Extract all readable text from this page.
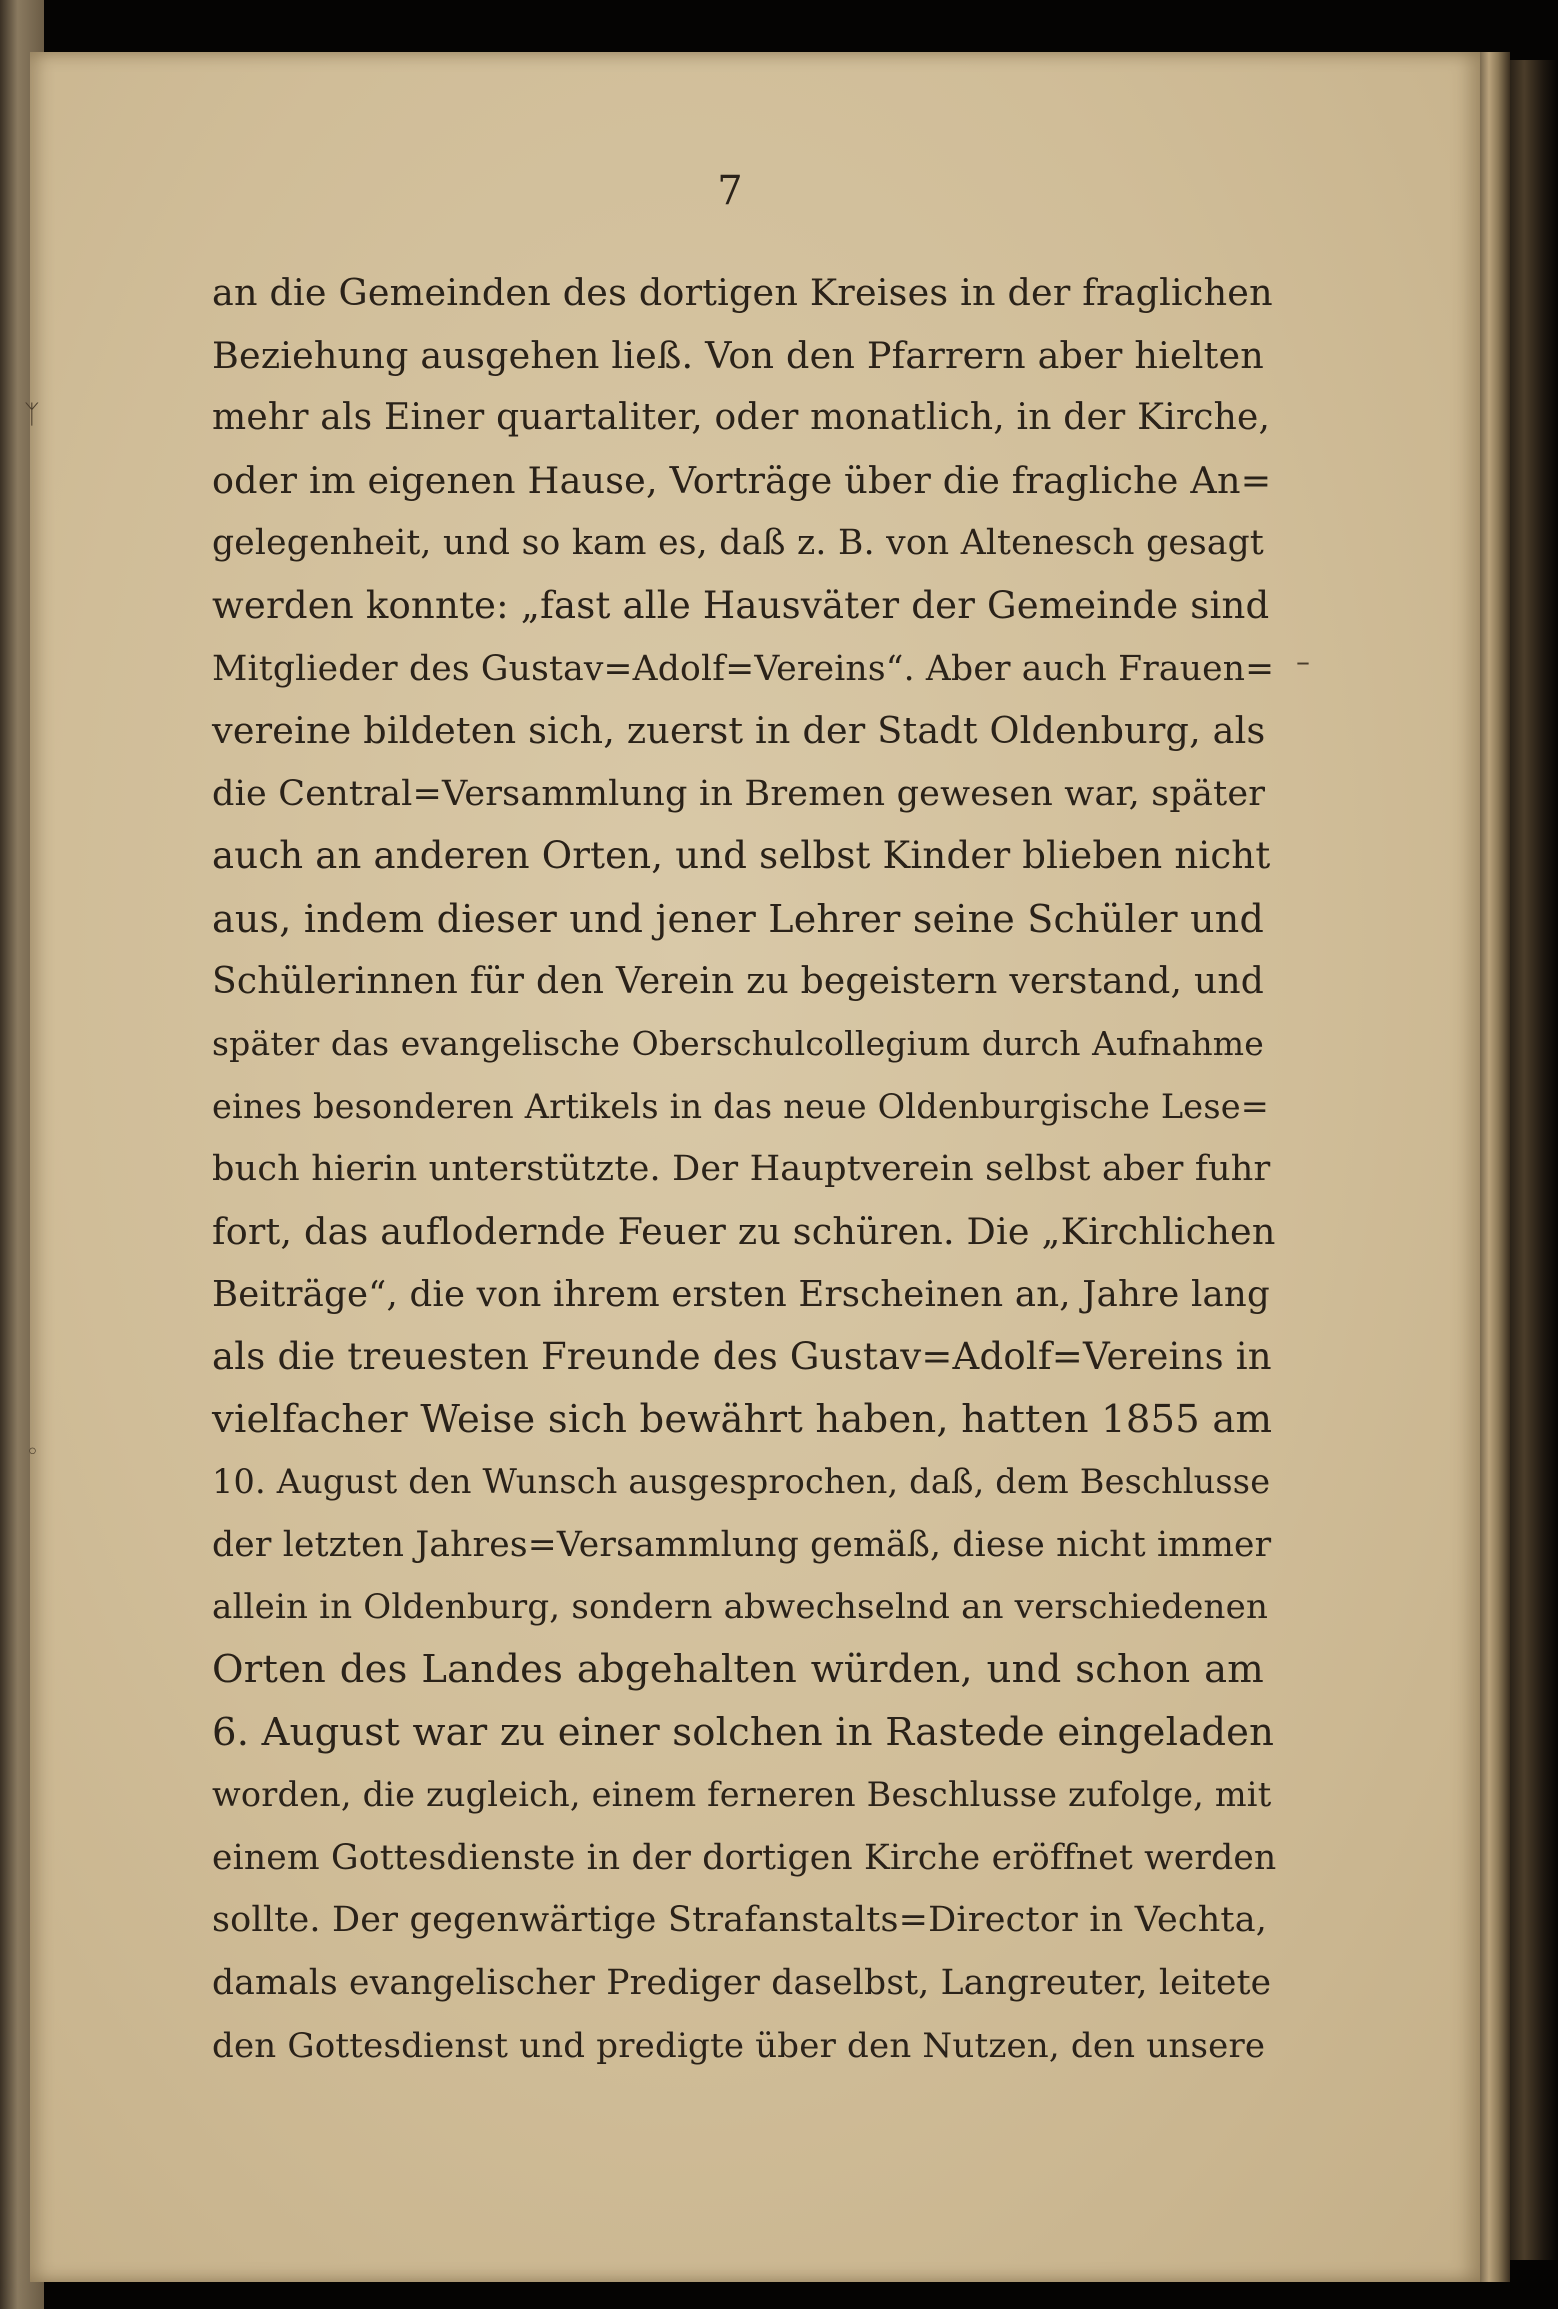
ᛉ
◦
–
7
an die Gemeinden des dortigen Kreises in der fraglichen
Beziehung ausgehen ließ. Von den Pfarrern aber hielten
mehr als Einer quartaliter, oder monatlich, in der Kirche,
oder im eigenen Hause, Vorträge über die fragliche An=
gelegenheit, und so kam es, daß z. B. von Altenesch gesagt
werden konnte: „fast alle Hausväter der Gemeinde sind
Mitglieder des Gustav=Adolf=Vereins“. Aber auch Frauen=
vereine bildeten sich, zuerst in der Stadt Oldenburg, als
die Central=Versammlung in Bremen gewesen war, später
auch an anderen Orten, und selbst Kinder blieben nicht
aus, indem dieser und jener Lehrer seine Schüler und
Schülerinnen für den Verein zu begeistern verstand, und
später das evangelische Oberschulcollegium durch Aufnahme
eines besonderen Artikels in das neue Oldenburgische Lese=
buch hierin unterstützte. Der Hauptverein selbst aber fuhr
fort, das auflodernde Feuer zu schüren. Die „Kirchlichen
Beiträge“, die von ihrem ersten Erscheinen an, Jahre lang
als die treuesten Freunde des Gustav=Adolf=Vereins in
vielfacher Weise sich bewährt haben, hatten 1855 am
10. August den Wunsch ausgesprochen, daß, dem Beschlusse
der letzten Jahres=Versammlung gemäß, diese nicht immer
allein in Oldenburg, sondern abwechselnd an verschiedenen
Orten des Landes abgehalten würden, und schon am
6. August war zu einer solchen in Rastede eingeladen
worden, die zugleich, einem ferneren Beschlusse zufolge, mit
einem Gottesdienste in der dortigen Kirche eröffnet werden
sollte. Der gegenwärtige Strafanstalts=Director in Vechta,
damals evangelischer Prediger daselbst, Langreuter, leitete
den Gottesdienst und predigte über den Nutzen, den unsere
